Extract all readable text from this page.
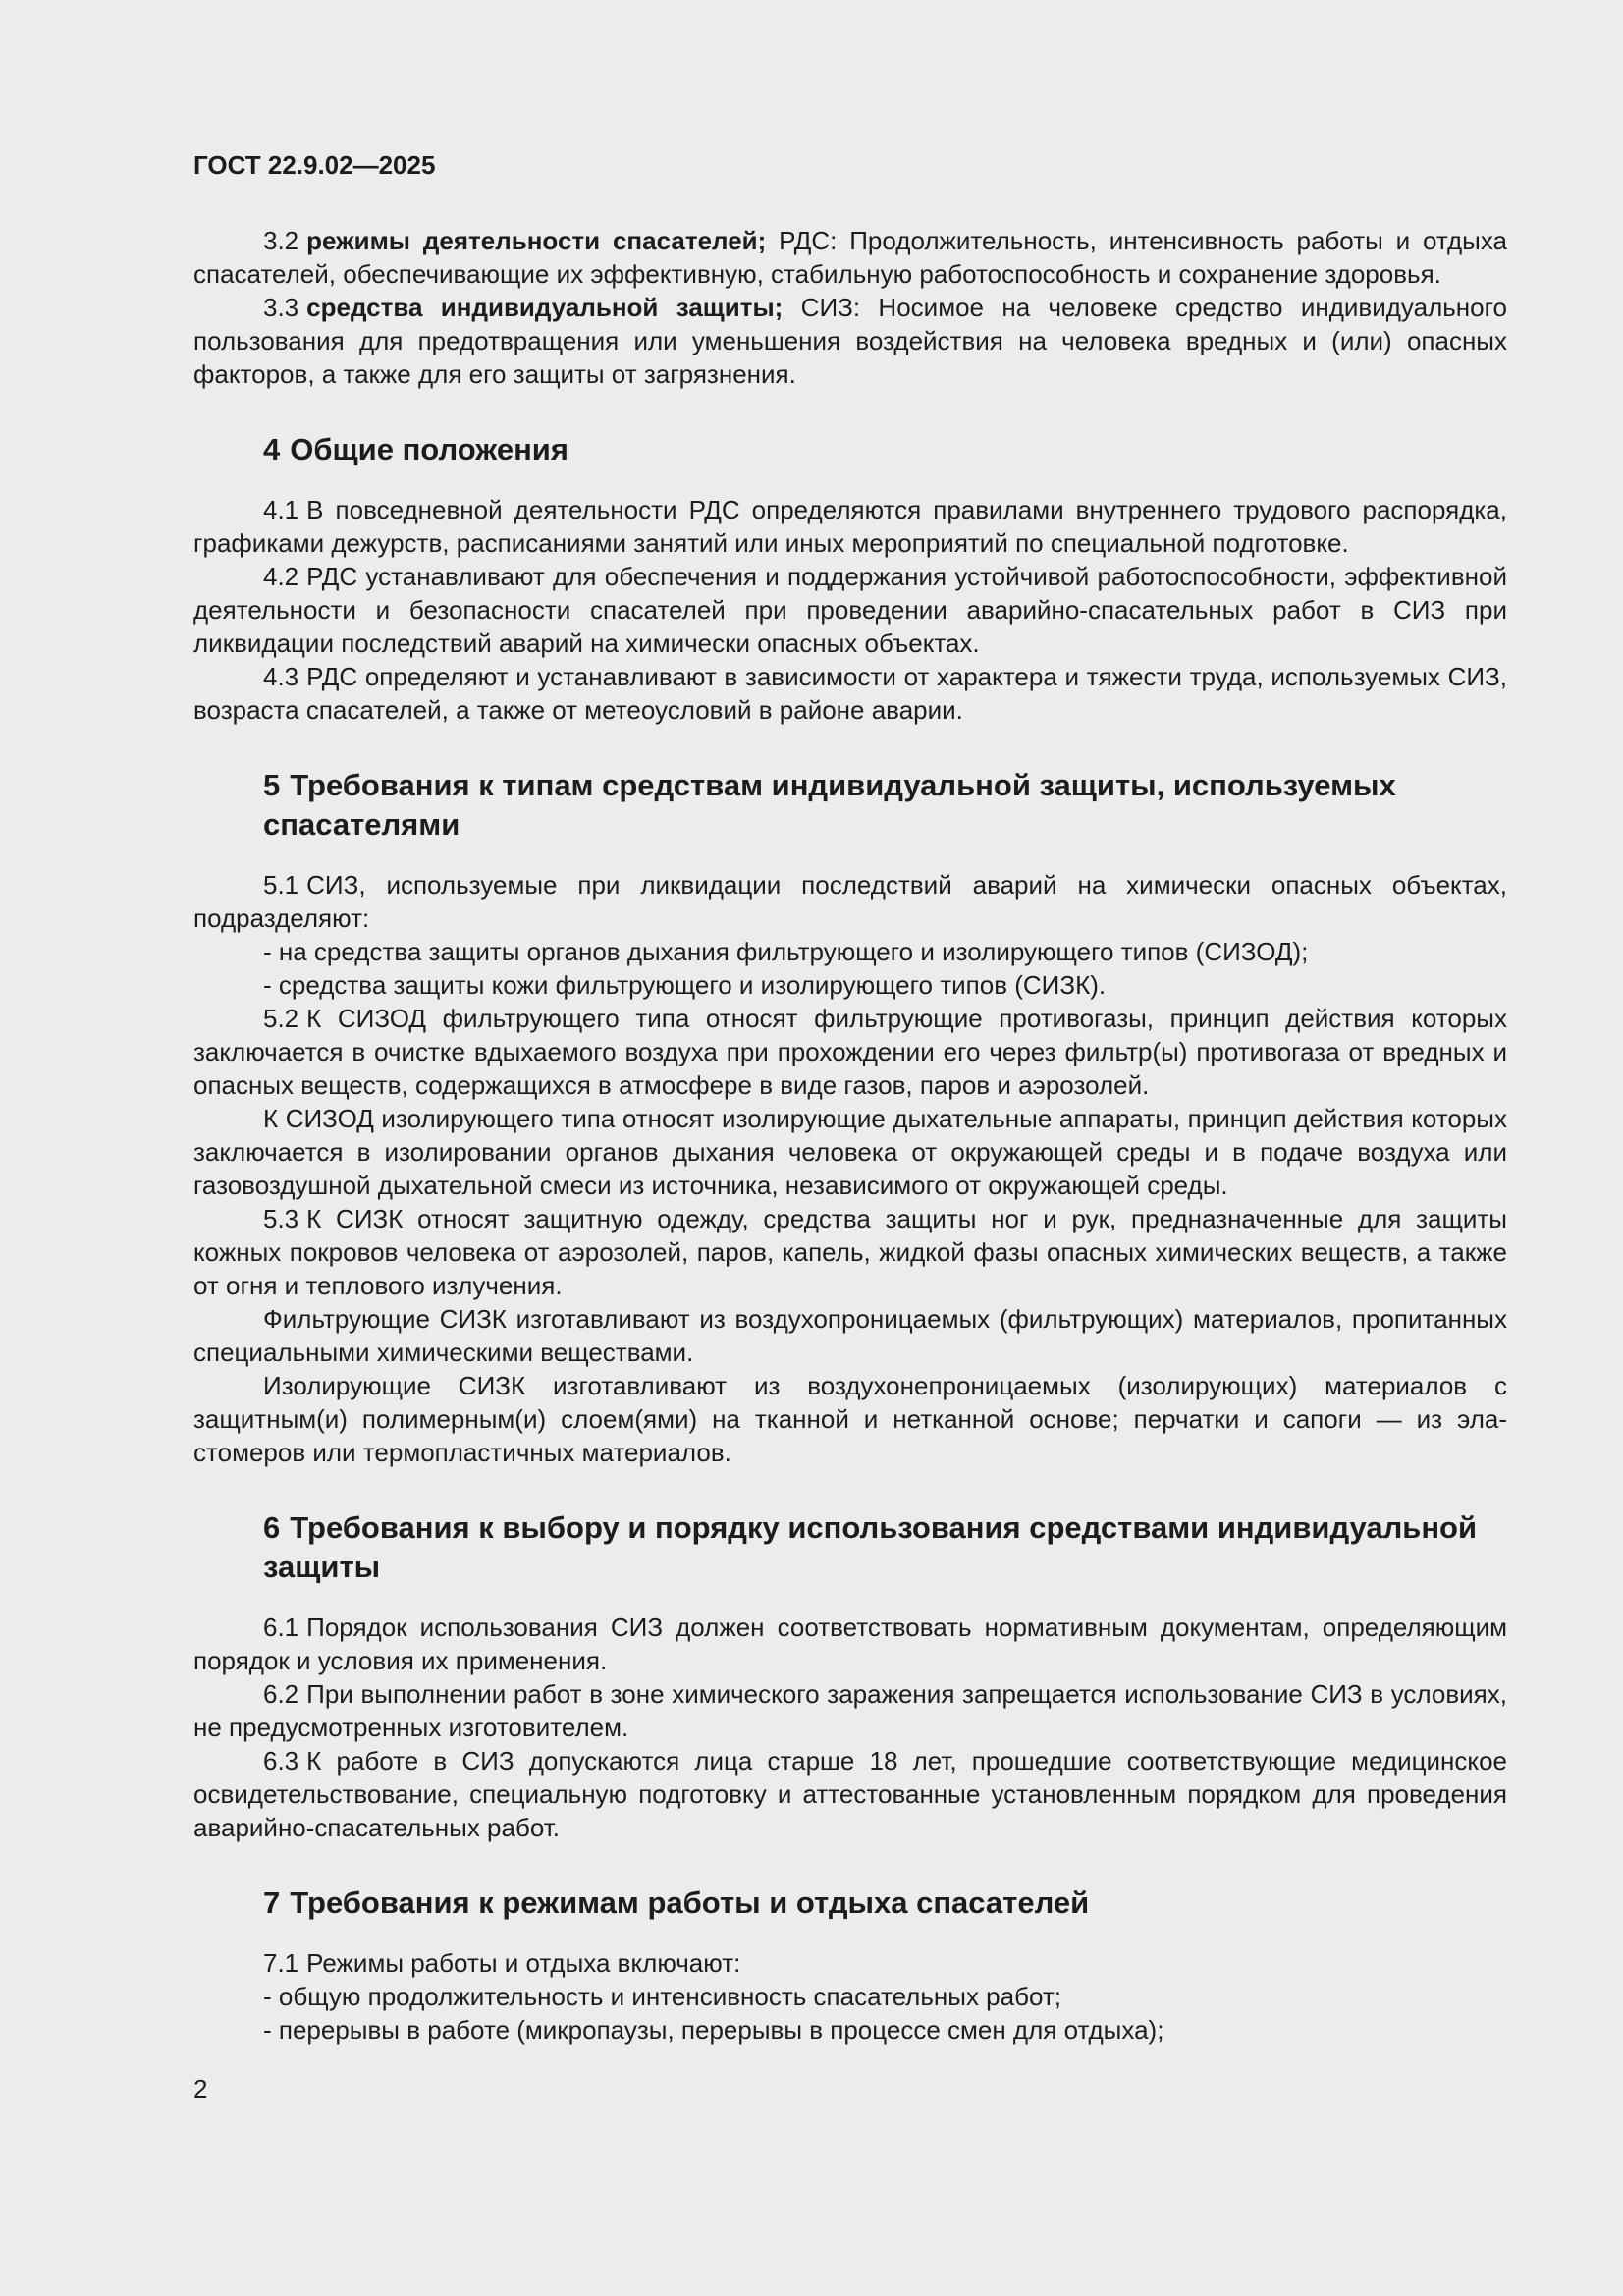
ГОСТ 22.9.02—2025

3.2 режимы деятельности спасателей; РДС: Продолжительность, интенсивность работы и отдыха спасателей, обеспечивающие их эффективную, стабильную работоспособность и сохранение здоровья.

3.3 средства индивидуальной защиты; СИЗ: Носимое на человеке средство индивидуального пользования для предотвращения или уменьшения воздействия на человека вредных и (или) опасных факторов, а также для его защиты от загрязнения.

4 Общие положения

4.1 В повседневной деятельности РДС определяются правилами внутреннего трудового распорядка, графиками дежурств, расписаниями занятий или иных мероприятий по специальной подготовке.

4.2 РДС устанавливают для обеспечения и поддержания устойчивой работоспособности, эффективной деятельности и безопасности спасателей при проведении аварийно-спасательных работ в СИЗ при ликвидации последствий аварий на химически опасных объектах.

4.3 РДС определяют и устанавливают в зависимости от характера и тяжести труда, используемых СИЗ, возраста спасателей, а также от метеоусловий в районе аварии.

5 Требования к типам средствам индивидуальной защиты, используемых спасателями

5.1 СИЗ, используемые при ликвидации последствий аварий на химически опасных объектах, подразделяют:

- на средства защиты органов дыхания фильтрующего и изолирующего типов (СИЗОД);

- средства защиты кожи фильтрующего и изолирующего типов (СИЗК).

5.2 К СИЗОД фильтрующего типа относят фильтрующие противогазы, принцип действия которых заключается в очистке вдыхаемого воздуха при прохождении его через фильтр(ы) противогаза от вредных и опасных веществ, содержащихся в атмосфере в виде газов, паров и аэрозолей.

К СИЗОД изолирующего типа относят изолирующие дыхательные аппараты, принцип действия которых заключается в изолировании органов дыхания человека от окружающей среды и в подаче воздуха или газовоздушной дыхательной смеси из источника, независимого от окружающей среды.

5.3 К СИЗК относят защитную одежду, средства защиты ног и рук, предназначенные для защиты кожных покровов человека от аэрозолей, паров, капель, жидкой фазы опасных химических веществ, а также от огня и теплового излучения.

Фильтрующие СИЗК изготавливают из воздухопроницаемых (фильтрующих) материалов, пропитанных специальными химическими веществами.

Изолирующие СИЗК изготавливают из воздухонепроницаемых (изолирующих) материалов с защитным(и) полимерным(и) слоем(ями) на тканной и нетканной основе; перчатки и сапоги — из эластомеров или термопластичных материалов.

6 Требования к выбору и порядку использования средствами индивидуальной защиты

6.1 Порядок использования СИЗ должен соответствовать нормативным документам, определяющим порядок и условия их применения.

6.2 При выполнении работ в зоне химического заражения запрещается использование СИЗ в условиях, не предусмотренных изготовителем.

6.3 К работе в СИЗ допускаются лица старше 18 лет, прошедшие соответствующие медицинское освидетельствование, специальную подготовку и аттестованные установленным порядком для проведения аварийно-спасательных работ.

7 Требования к режимам работы и отдыха спасателей

7.1 Режимы работы и отдыха включают:

- общую продолжительность и интенсивность спасательных работ;

- перерывы в работе (микропаузы, перерывы в процессе смен для отдыха);

2
